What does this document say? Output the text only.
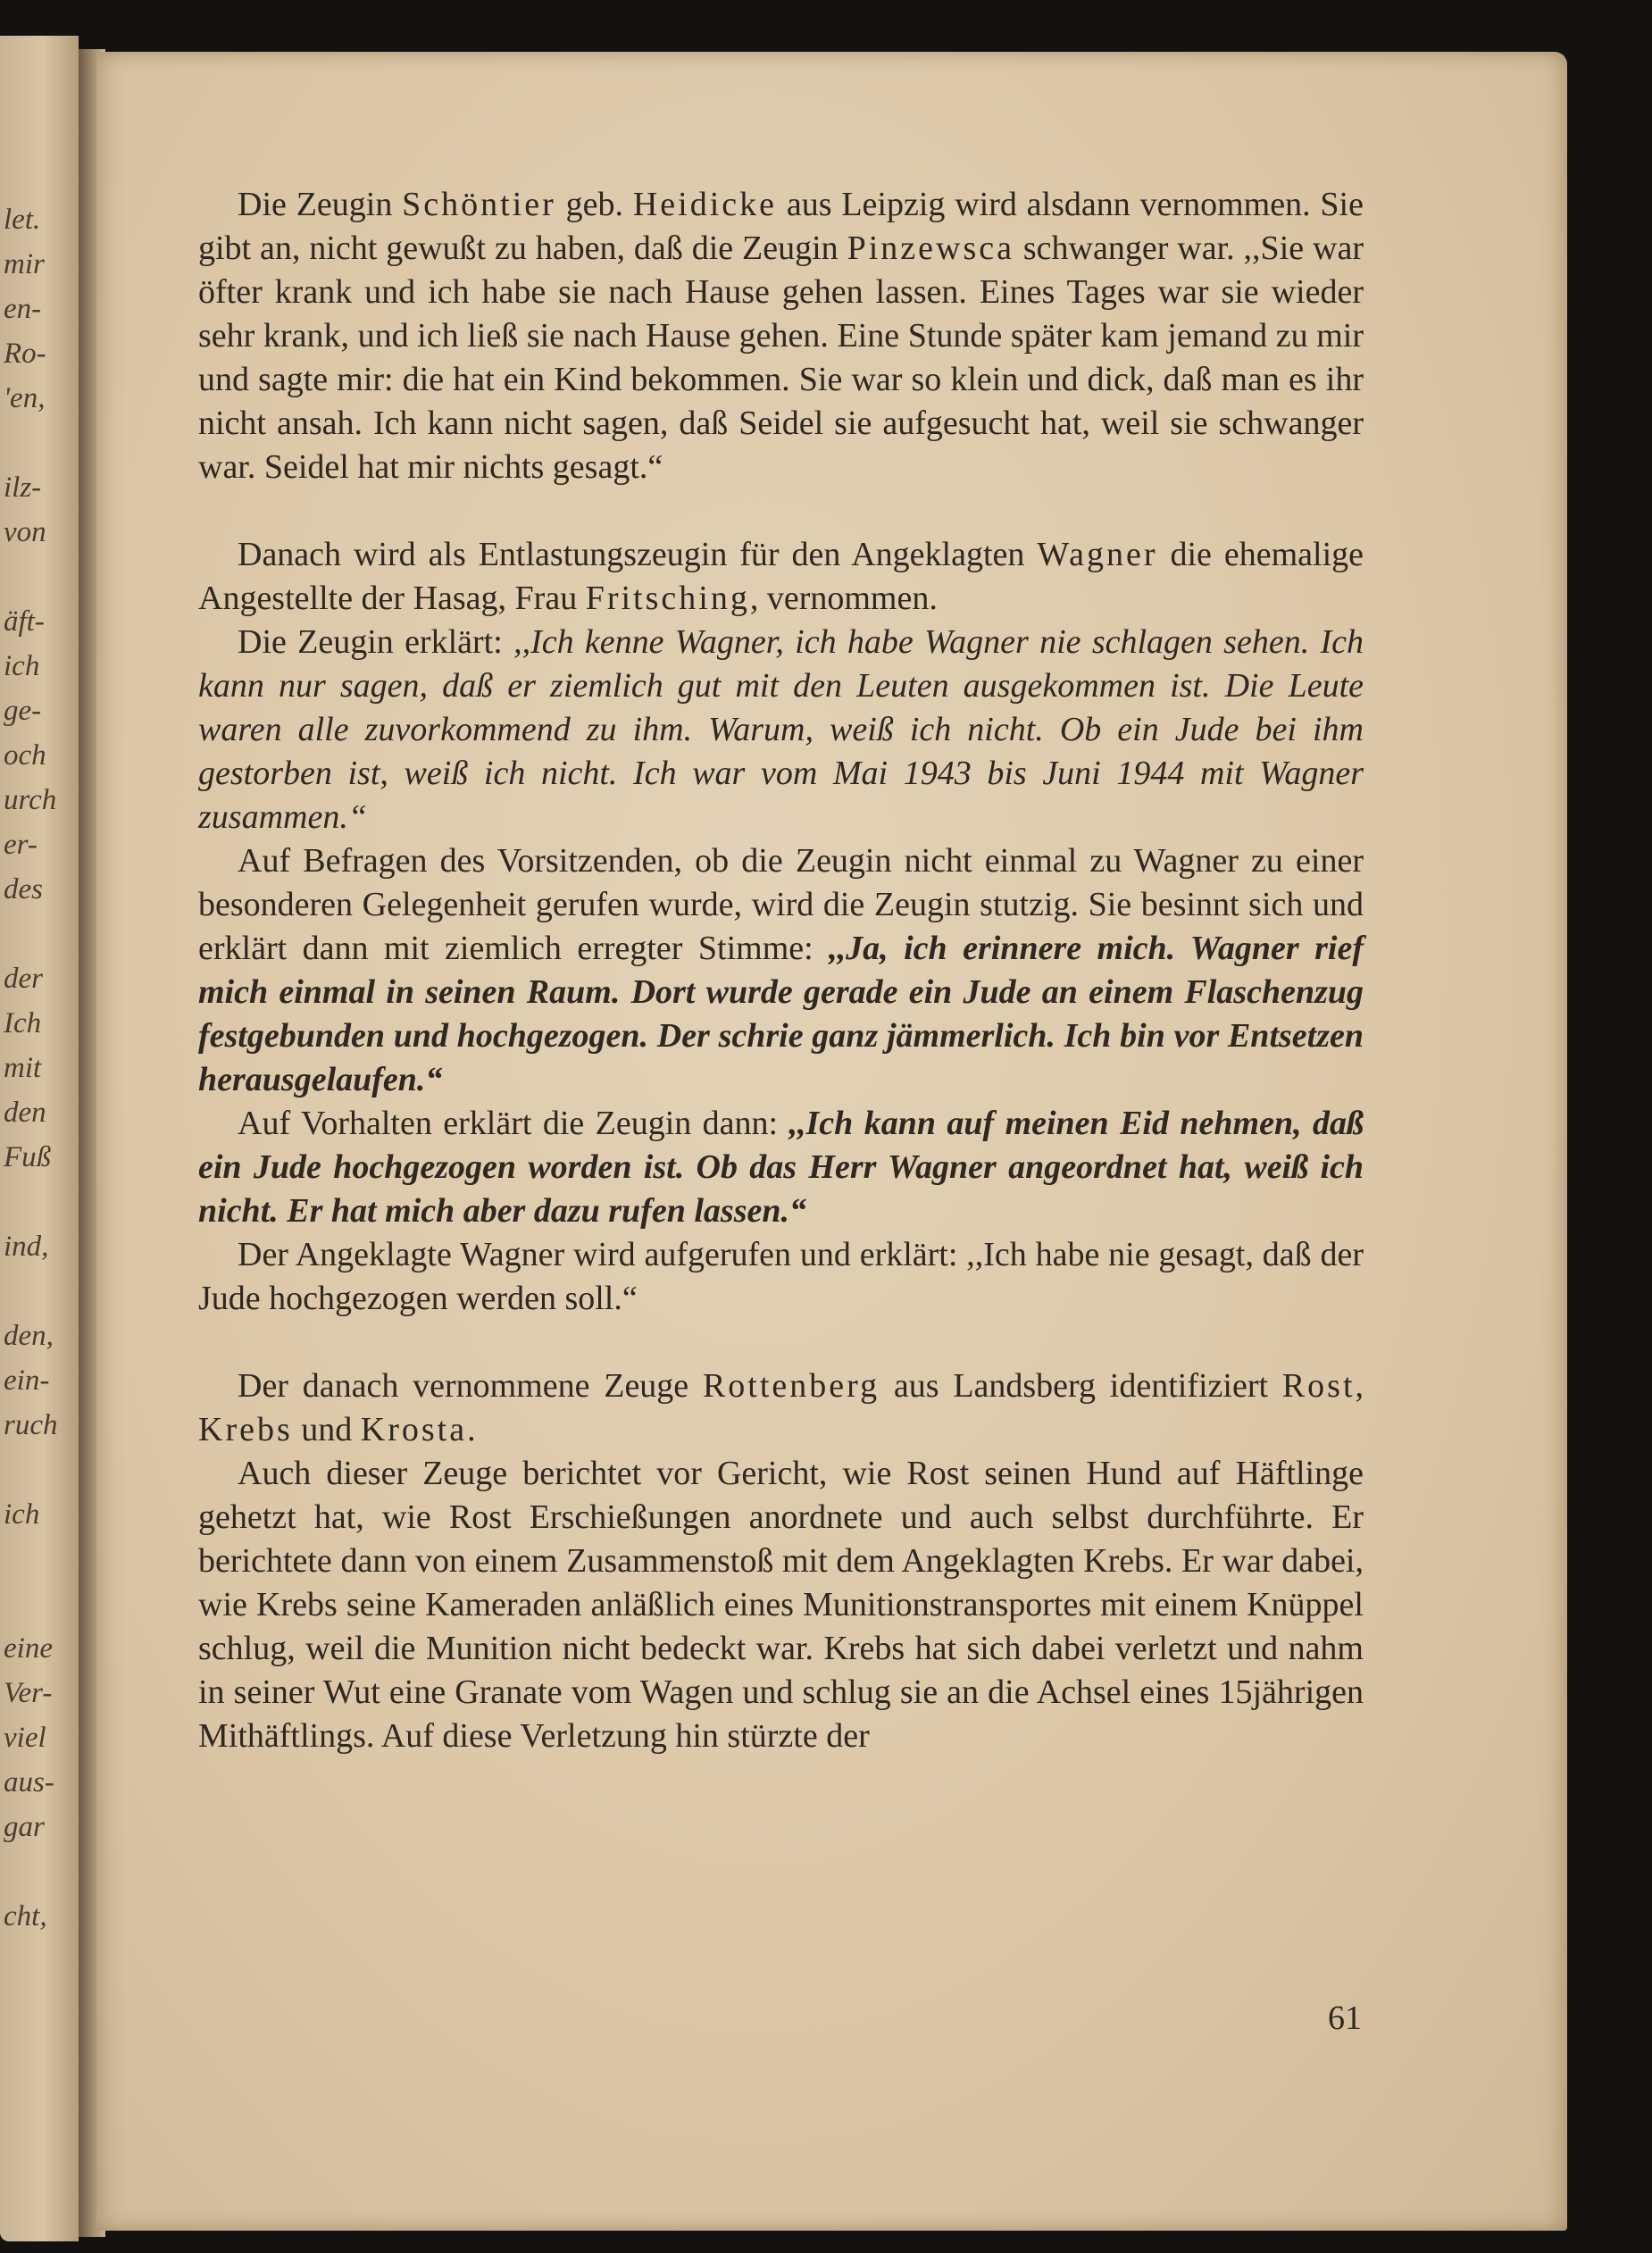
let.
mir
en-
Ro-
'en,
ilz-
von
äft-
ich
ge-
och
urch
er-
des
der
Ich
mit
den
Fuß
ind,
den,
ein-
ruch
ich
eine
Ver-
viel
aus-
gar
cht,

Die Zeugin Schöntier geb. Heidicke aus Leipzig wird alsdann vernommen. Sie gibt an, nicht gewußt zu haben, daß die Zeugin Pinzewsca schwanger war. ,,Sie war öfter krank und ich habe sie nach Hause gehen lassen. Eines Tages war sie wieder sehr krank, und ich ließ sie nach Hause gehen. Eine Stunde später kam jemand zu mir und sagte mir: die hat ein Kind bekommen. Sie war so klein und dick, daß man es ihr nicht ansah. Ich kann nicht sagen, daß Seidel sie aufgesucht hat, weil sie schwanger war. Seidel hat mir nichts gesagt.“

Danach wird als Entlastungszeugin für den Angeklagten Wagner die ehemalige Angestellte der Hasag, Frau Fritsching, vernommen.

Die Zeugin erklärt: ,,Ich kenne Wagner, ich habe Wagner nie schlagen sehen. Ich kann nur sagen, daß er ziemlich gut mit den Leuten ausgekommen ist. Die Leute waren alle zuvorkommend zu ihm. Warum, weiß ich nicht. Ob ein Jude bei ihm gestorben ist, weiß ich nicht. Ich war vom Mai 1943 bis Juni 1944 mit Wagner zusammen.“

Auf Befragen des Vorsitzenden, ob die Zeugin nicht einmal zu Wagner zu einer besonderen Gelegenheit gerufen wurde, wird die Zeugin stutzig. Sie besinnt sich und erklärt dann mit ziemlich erregter Stimme: ,,Ja, ich erinnere mich. Wagner rief mich einmal in seinen Raum. Dort wurde gerade ein Jude an einem Flaschenzug festgebunden und hochgezogen. Der schrie ganz jämmerlich. Ich bin vor Entsetzen herausgelaufen.“

Auf Vorhalten erklärt die Zeugin dann: ,,Ich kann auf meinen Eid nehmen, daß ein Jude hochgezogen worden ist. Ob das Herr Wagner angeordnet hat, weiß ich nicht. Er hat mich aber dazu rufen lassen.“

Der Angeklagte Wagner wird aufgerufen und erklärt: ,,Ich habe nie gesagt, daß der Jude hochgezogen werden soll.“

Der danach vernommene Zeuge Rottenberg aus Landsberg identifiziert Rost, Krebs und Krosta.

Auch dieser Zeuge berichtet vor Gericht, wie Rost seinen Hund auf Häftlinge gehetzt hat, wie Rost Erschießungen anordnete und auch selbst durchführte. Er berichtete dann von einem Zusammenstoß mit dem Angeklagten Krebs. Er war dabei, wie Krebs seine Kameraden anläßlich eines Munitionstransportes mit einem Knüppel schlug, weil die Munition nicht bedeckt war. Krebs hat sich dabei verletzt und nahm in seiner Wut eine Granate vom Wagen und schlug sie an die Achsel eines 15jährigen Mithäftlings. Auf diese Verletzung hin stürzte der

61
